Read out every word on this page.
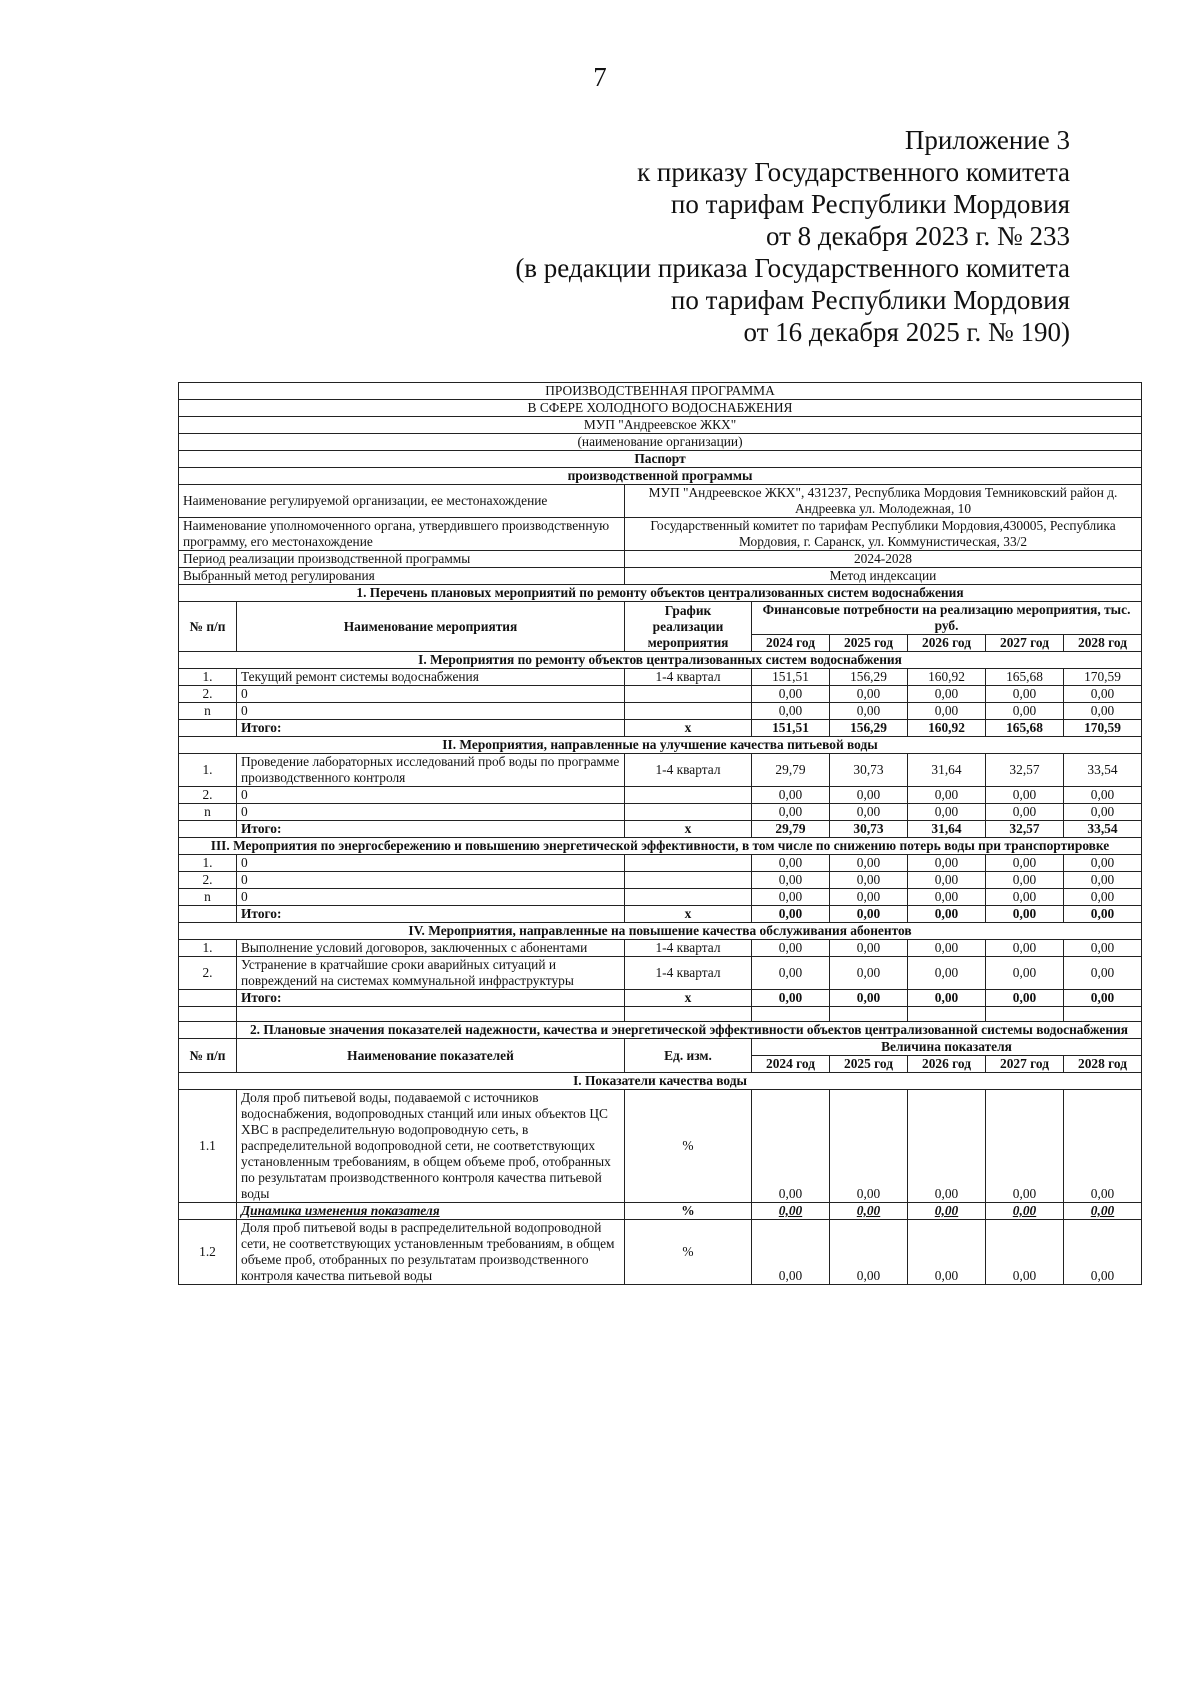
7
Приложение 3
к приказу Государственного комитета
по тарифам Республики Мордовия
от 8 декабря 2023 г. № 233
(в редакции приказа Государственного комитета
по тарифам Республики Мордовия
от 16 декабря 2025 г. № 190)
ПРОИЗВОДСТВЕННАЯ ПРОГРАММА							
В СФЕРЕ ХОЛОДНОГО ВОДОСНАБЖЕНИЯ							
МУП "Андреевское ЖКХ"							
(наименование организации)							
Паспорт							
производственной программы							
Наименование регулируемой организации, ее местонахождение		МУП "Андреевское ЖКХ", 431237, Республика Мордовия Темниковский район д. Андреевка ул. Молодежная, 10					
Наименование уполномоченного органа, утвердившего производственную программу, его местонахождение		Государственный комитет по тарифам Республики Мордовия,430005, Республика Мордовия, г. Саранск, ул. Коммунистическая, 33/2					
Период реализации производственной программы		2024-2028					
Выбранный метод регулирования		Метод индексации					
1. Перечень плановых мероприятий по ремонту объектов централизованных систем водоснабжения							
№ п/п	Наименование мероприятия	График реализации мероприятия	Финансовые потребности на реализацию мероприятия, тыс. руб.				
			2024 год	2025 год	2026 год	2027 год	2028 год
I. Мероприятия по ремонту объектов централизованных систем водоснабжения							
1.	Текущий ремонт системы водоснабжения	1-4 квартал	151,51	156,29	160,92	165,68	170,59
2.	0		0,00	0,00	0,00	0,00	0,00
n	0		0,00	0,00	0,00	0,00	0,00
	Итого:	x	151,51	156,29	160,92	165,68	170,59
II. Мероприятия, направленные на улучшение качества питьевой воды							
1.	Проведение лабораторных исследований проб воды по программе производственного контроля	1-4 квартал	29,79	30,73	31,64	32,57	33,54
2.	0		0,00	0,00	0,00	0,00	0,00
n	0		0,00	0,00	0,00	0,00	0,00
	Итого:	x	29,79	30,73	31,64	32,57	33,54
III. Мероприятия по энергосбережению и повышению энергетической эффективности, в том числе по снижению потерь воды при транспортировке							
1.	0		0,00	0,00	0,00	0,00	0,00
2.	0		0,00	0,00	0,00	0,00	0,00
n	0		0,00	0,00	0,00	0,00	0,00
	Итого:	x	0,00	0,00	0,00	0,00	0,00
IV. Мероприятия, направленные на повышение качества обслуживания абонентов							
1.	Выполнение условий договоров, заключенных с абонентами	1-4 квартал	0,00	0,00	0,00	0,00	0,00
2.	Устранение в кратчайшие сроки аварийных ситуаций и повреждений на системах коммунальной инфраструктуры	1-4 квартал	0,00	0,00	0,00	0,00	0,00
	Итого:	x	0,00	0,00	0,00	0,00	0,00

	2. Плановые значения показателей надежности, качества и энергетической эффективности объектов централизованной системы водоснабжения						
№ п/п	Наименование показателей	Ед. изм.	Величина показателя				
			2024 год	2025 год	2026 год	2027 год	2028 год
I. Показатели качества воды							
1.1	Доля проб питьевой воды, подаваемой с источников водоснабжения, водопроводных станций или иных объектов ЦС ХВС в распределительную водопроводную сеть, в распределительной водопроводной сети, не соответствующих установленным требованиям, в общем объеме проб, отобранных по результатам производственного контроля качества питьевой воды	%	0,00	0,00	0,00	0,00	0,00
	Динамика изменения показателя	%	0,00	0,00	0,00	0,00	0,00
1.2	Доля проб питьевой воды в распределительной водопроводной сети, не соответствующих установленным требованиям, в общем объеме проб, отобранных по результатам производственного контроля качества питьевой воды	%	0,00	0,00	0,00	0,00	0,00
